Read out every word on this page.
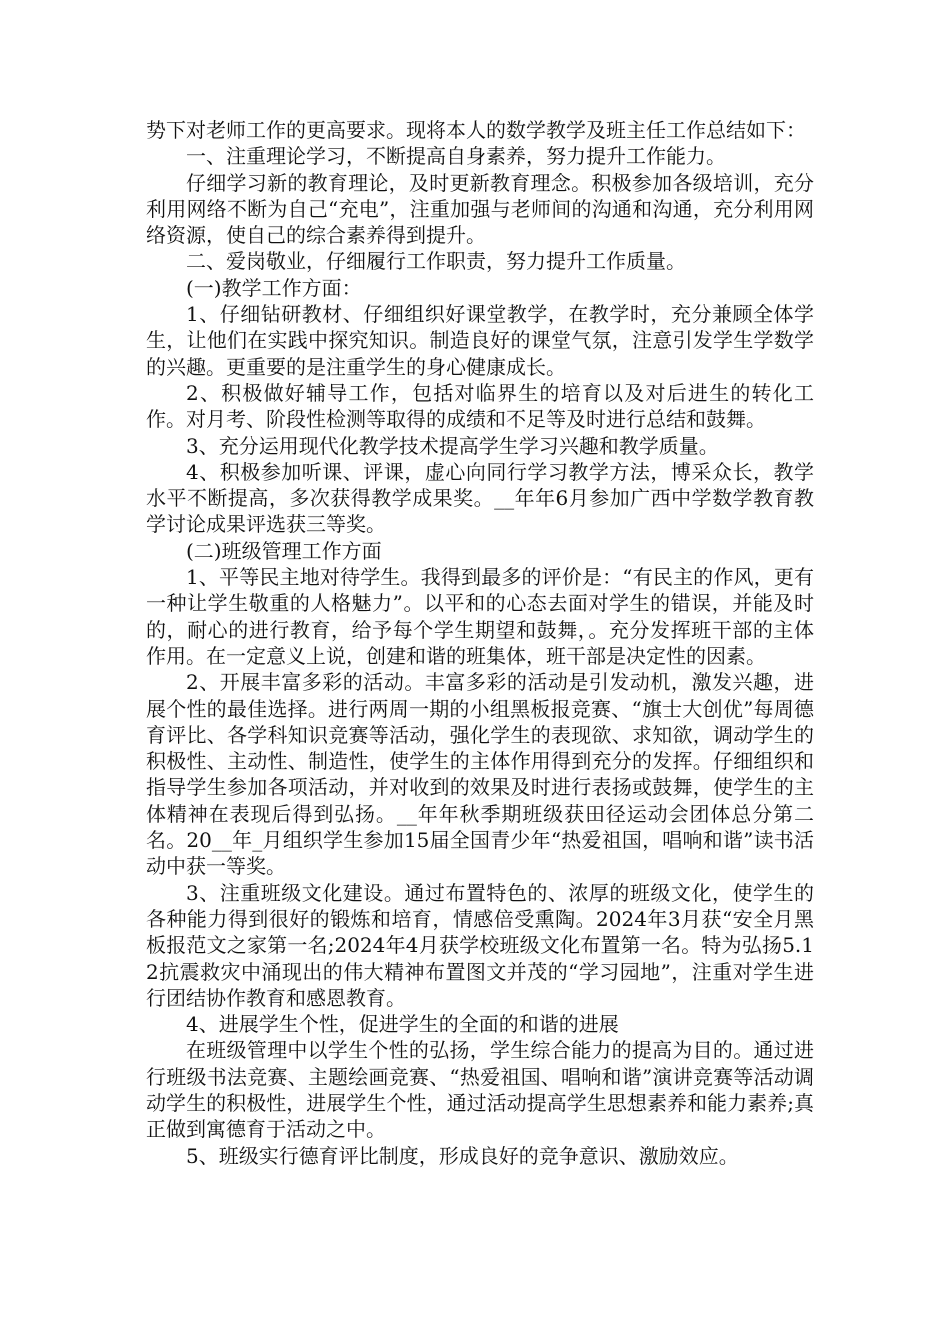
势下对老师工作的更高要求。现将本人的数学教学及班主任工作总结如下：

一、注重理论学习，不断提高自身素养，努力提升工作能力。

仔细学习新的教育理论，及时更新教育理念。积极参加各级培训，充分利用网络不断为自己“充电”，注重加强与老师间的沟通和沟通，充分利用网络资源，使自己的综合素养得到提升。

二、爱岗敬业，仔细履行工作职责，努力提升工作质量。

(一)教学工作方面：

1、仔细钻研教材、仔细组织好课堂教学，在教学时，充分兼顾全体学生，让他们在实践中探究知识。制造良好的课堂气氛，注意引发学生学数学的兴趣。更重要的是注重学生的身心健康成长。

2、积极做好辅导工作，包括对临界生的培育以及对后进生的转化工作。对月考、阶段性检测等取得的成绩和不足等及时进行总结和鼓舞。

3、充分运用现代化教学技术提高学生学习兴趣和教学质量。

4、积极参加听课、评课，虚心向同行学习教学方法，博采众长，教学水平不断提高，多次获得教学成果奖。__年年6月参加广西中学数学教育教学讨论成果评选获三等奖。

(二)班级管理工作方面

1、平等民主地对待学生。我得到最多的评价是：“有民主的作风，更有一种让学生敬重的人格魅力”。以平和的心态去面对学生的错误，并能及时的，耐心的进行教育，给予每个学生期望和鼓舞，。充分发挥班干部的主体作用。在一定意义上说，创建和谐的班集体，班干部是决定性的因素。

2、开展丰富多彩的活动。丰富多彩的活动是引发动机，激发兴趣，进展个性的最佳选择。进行两周一期的小组黑板报竞赛、“旗士大创优”每周德育评比、各学科知识竞赛等活动，强化学生的表现欲、求知欲，调动学生的积极性、主动性、制造性，使学生的主体作用得到充分的发挥。仔细组织和指导学生参加各项活动，并对收到的效果及时进行表扬或鼓舞，使学生的主体精神在表现后得到弘扬。__年年秋季期班级获田径运动会团体总分第二名。20__年_月组织学生参加15届全国青少年“热爱祖国，唱响和谐”读书活动中获一等奖。

3、注重班级文化建设。通过布置特色的、浓厚的班级文化，使学生的各种能力得到很好的锻炼和培育，情感倍受熏陶。2024年3月获“安全月黑板报范文之家第一名;2024年4月获学校班级文化布置第一名。特为弘扬5.12抗震救灾中涌现出的伟大精神布置图文并茂的“学习园地”，注重对学生进行团结协作教育和感恩教育。

4、进展学生个性，促进学生的全面的和谐的进展

在班级管理中以学生个性的弘扬，学生综合能力的提高为目的。通过进行班级书法竞赛、主题绘画竞赛、“热爱祖国、唱响和谐”演讲竞赛等活动调动学生的积极性，进展学生个性，通过活动提高学生思想素养和能力素养;真正做到寓德育于活动之中。

5、班级实行德育评比制度，形成良好的竞争意识、激励效应。
